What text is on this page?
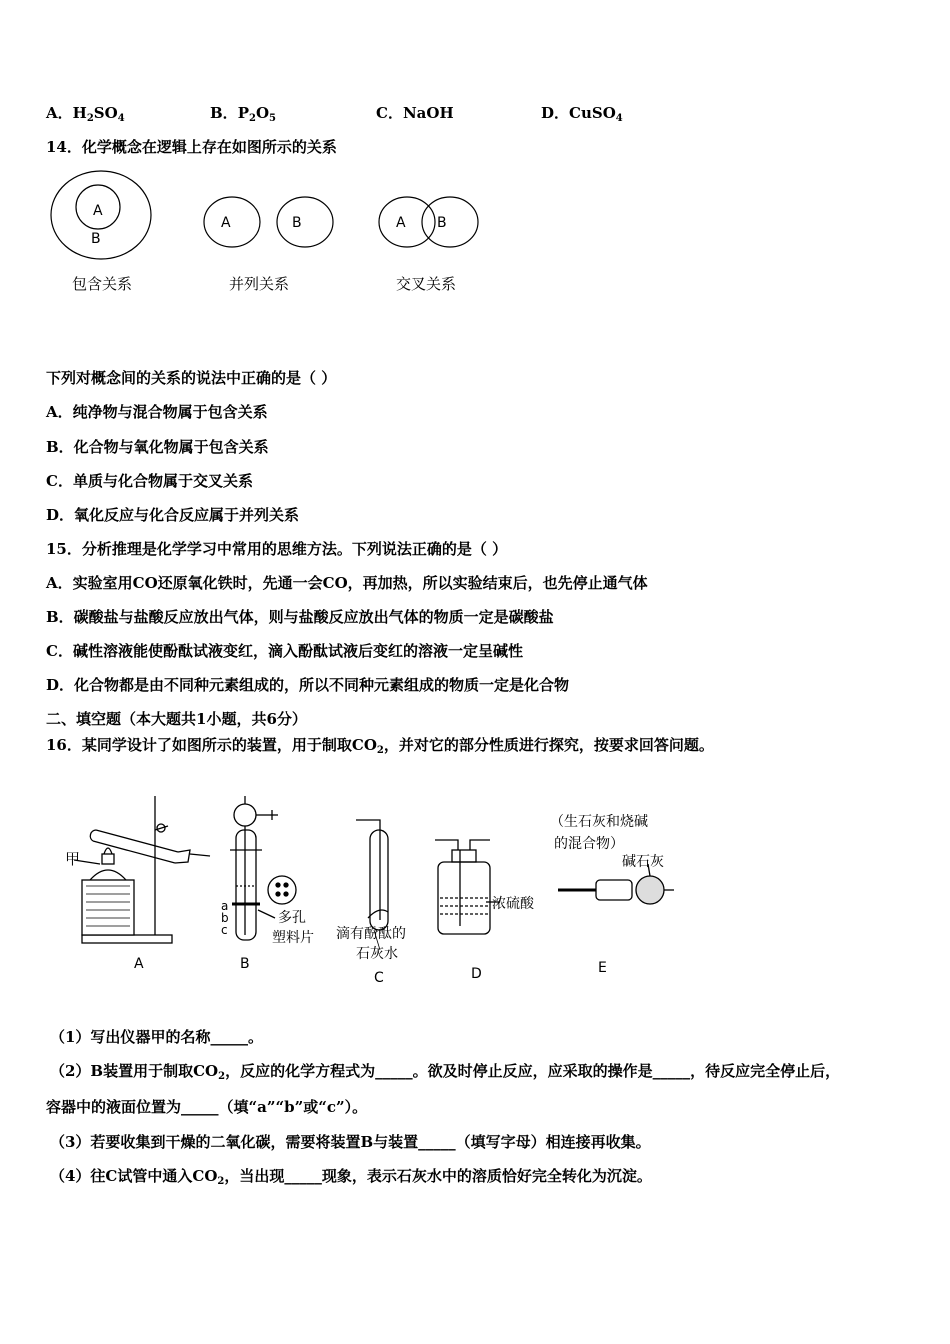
A．$H_2SO_4$	B．$P_2O_5$	C．NaOH	D．CuSO$_4$
14．化学概念在逻辑上存在如图所示的关系
A
B
包含关系
A	B
并列关系
A B
交叉关系
下列对概念间的关系的说法中正确的是（ ）
A．纯净物与混合物属于包含关系
B．化合物与氧化物属于包含关系
C．单质与化合物属于交叉关系
D．氧化反应与化合反应属于并列关系
15．分析推理是化学学习中常用的思维方法。下列说法正确的是（ ）
A．实验室用CO还原氧化铁时，先通一会CO，再加热，所以实验结束后，也先停止通气体
B．碳酸盐与盐酸反应放出气体，则与盐酸反应放出气体的物质一定是碳酸盐
C．碱性溶液能使酚酞试液变红，滴入酚酞试液后变红的溶液一定呈碱性
D．化合物都是由不同种元素组成的，所以不同种元素组成的物质一定是化合物
二、填空题（本大题共1小题，共6分）
16．某同学设计了如图所示的装置，用于制取$CO_2$，并对它的部分性质进行探究，按要求回答问题。
甲
A	B
C	D	E
a
b
c
多孔
塑料片 滴有酚酞的
石灰水
浓硫酸
（生石灰和烧碱
的混合物）
碱石灰
（1）写出仪器甲的名称_____。
（2）B装置用于制取$CO_2$，反应的化学方程式为_____。欲及时停止反应，应采取的操作是_____，待反应完全停止后，
容器中的液面位置为_____（填“a”“b”或“c”）。
（3）若要收集到干燥的二氧化碳，需要将装置B与装置_____（填写字母）相连接再收集。
（4）往C试管中通入$CO_2$，当出现_____现象，表示石灰水中的溶质恰好完全转化为沉淀。
